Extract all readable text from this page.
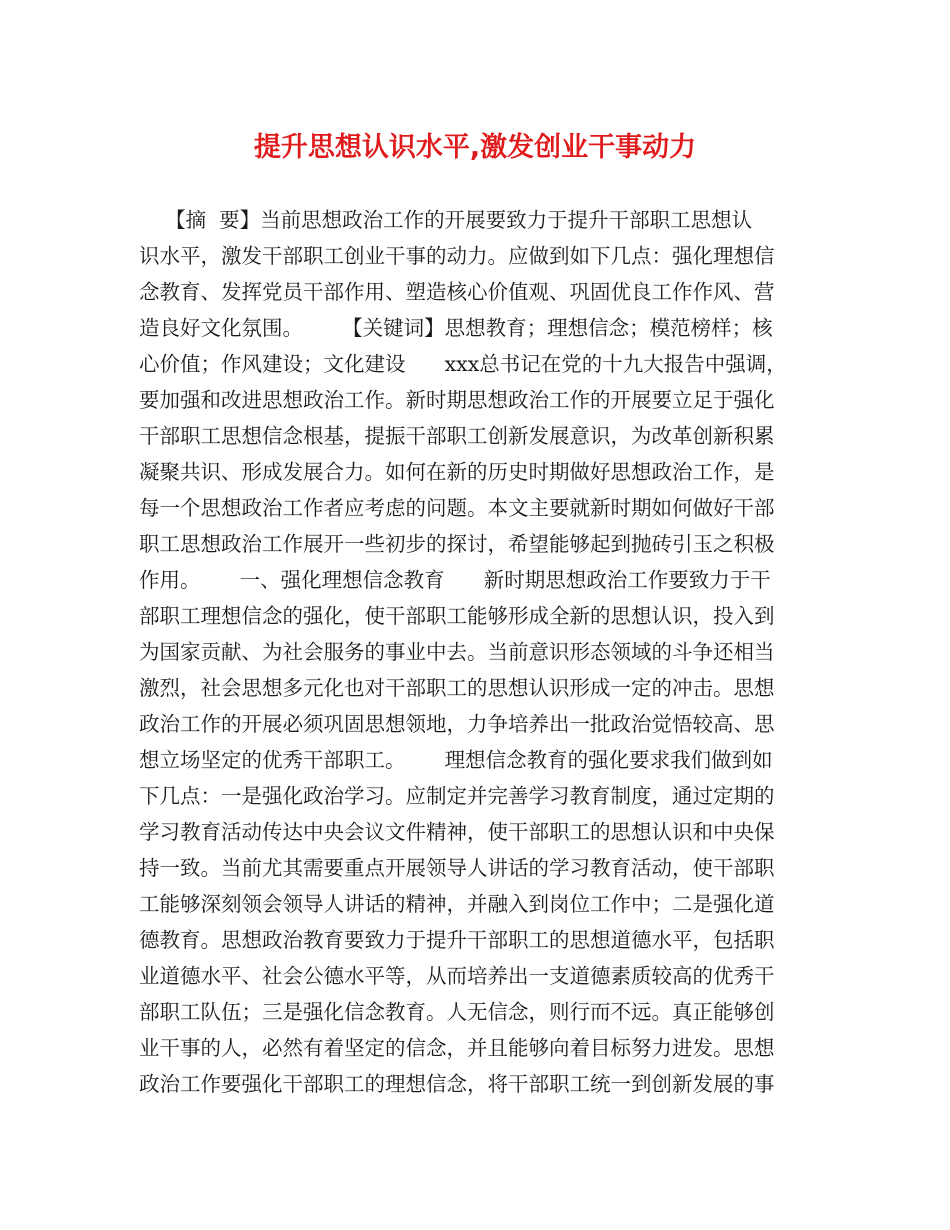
提升思想认识水平,激发创业干事动力
【摘  要】当前思想政治工作的开展要致力于提升干部职工思想认
识水平，激发干部职工创业干事的动力。应做到如下几点：强化理想信
念教育、发挥党员干部作用、塑造核心价值观、巩固优良工作作风、营
造良好文化氛围。      【关键词】思想教育；理想信念；模范榜样；核
心价值；作风建设；文化建设      xxx总书记在党的十九大报告中强调，
要加强和改进思想政治工作。新时期思想政治工作的开展要立足于强化
干部职工思想信念根基，提振干部职工创新发展意识，为改革创新积累
凝聚共识、形成发展合力。如何在新的历史时期做好思想政治工作，是
每一个思想政治工作者应考虑的问题。本文主要就新时期如何做好干部
职工思想政治工作展开一些初步的探讨，希望能够起到抛砖引玉之积极
作用。      一、强化理想信念教育      新时期思想政治工作要致力于干
部职工理想信念的强化，使干部职工能够形成全新的思想认识，投入到
为国家贡献、为社会服务的事业中去。当前意识形态领域的斗争还相当
激烈，社会思想多元化也对干部职工的思想认识形成一定的冲击。思想
政治工作的开展必须巩固思想领地，力争培养出一批政治觉悟较高、思
想立场坚定的优秀干部职工。      理想信念教育的强化要求我们做到如
下几点：一是强化政治学习。应制定并完善学习教育制度，通过定期的
学习教育活动传达中央会议文件精神，使干部职工的思想认识和中央保
持一致。当前尤其需要重点开展领导人讲话的学习教育活动，使干部职
工能够深刻领会领导人讲话的精神，并融入到岗位工作中；二是强化道
德教育。思想政治教育要致力于提升干部职工的思想道德水平，包括职
业道德水平、社会公德水平等，从而培养出一支道德素质较高的优秀干
部职工队伍；三是强化信念教育。人无信念，则行而不远。真正能够创
业干事的人，必然有着坚定的信念，并且能够向着目标努力进发。思想
政治工作要强化干部职工的理想信念，将干部职工统一到创新发展的事
